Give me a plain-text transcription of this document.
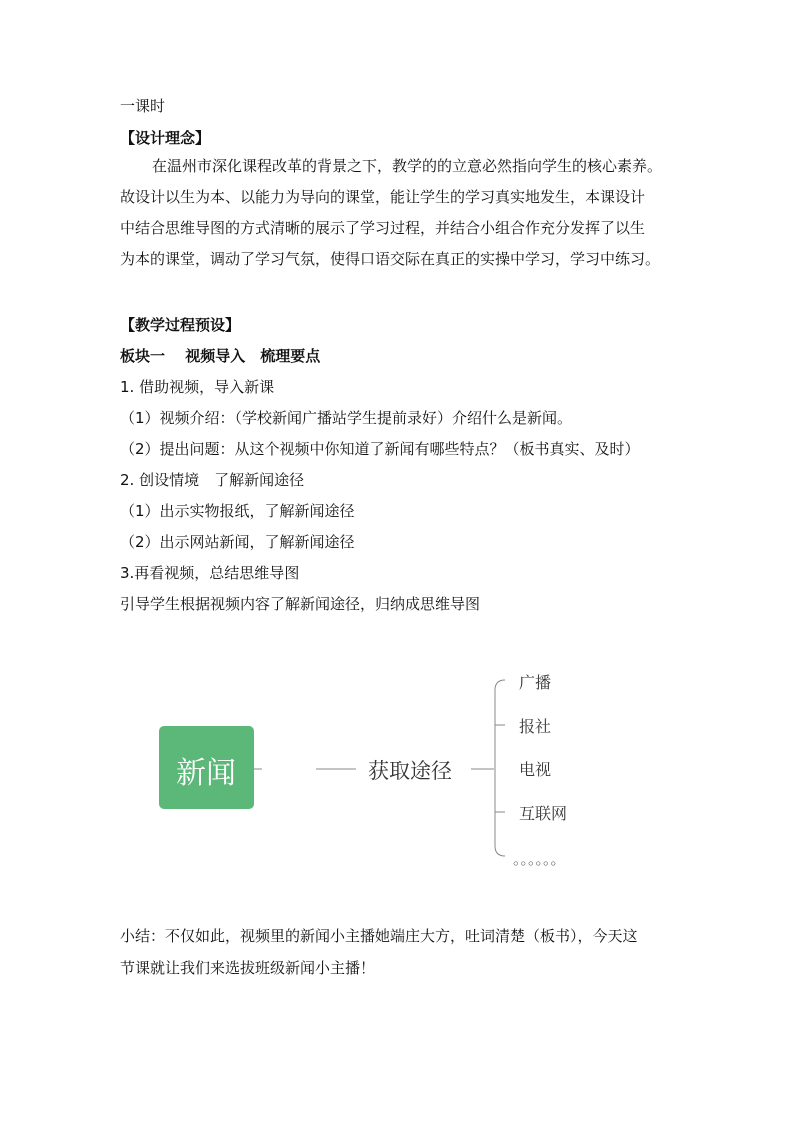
一课时
【设计理念】
在温州市深化课程改革的背景之下，教学的的立意必然指向学生的核心素养。
故设计以生为本、以能力为导向的课堂，能让学生的学习真实地发生，本课设计
中结合思维导图的方式清晰的展示了学习过程，并结合小组合作充分发挥了以生
为本的课堂，调动了学习气氛，使得口语交际在真正的实操中学习，学习中练习。
【教学过程预设】
板块一　 视频导入　梳理要点
1. 借助视频，导入新课
（1）视频介绍：（学校新闻广播站学生提前录好）介绍什么是新闻。
（2）提出问题：从这个视频中你知道了新闻有哪些特点？（板书真实、及时）
2. 创设情境　了解新闻途径
（1）出示实物报纸，了解新闻途径
（2）出示网站新闻，了解新闻途径
3.再看视频，总结思维导图
引导学生根据视频内容了解新闻途径，归纳成思维导图
新闻	获取途径
广播
报社
电视
互联网
。。。。。。
小结：不仅如此，视频里的新闻小主播她端庄大方，吐词清楚（板书），今天这
节课就让我们来选拔班级新闻小主播！
